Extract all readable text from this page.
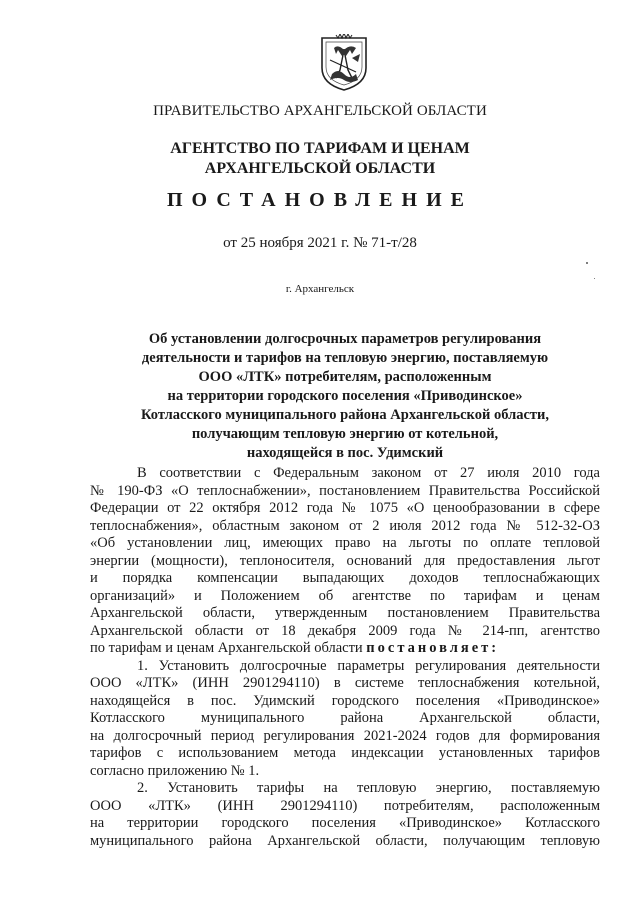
ПРАВИТЕЛЬСТВО АРХАНГЕЛЬСКОЙ ОБЛАСТИ
АГЕНТСТВО ПО ТАРИФАМ И ЦЕНАМ
АРХАНГЕЛЬСКОЙ ОБЛАСТИ
ПОСТАНОВЛЕНИЕ
от 25 ноября 2021 г. № 71-т/28
г. Архангельск
Об установлении долгосрочных параметров регулирования
деятельности и тарифов на тепловую энергию, поставляемую
ООО «ЛТК» потребителям, расположенным
на территории городского поселения «Приводинское»
Котласского муниципального района Архангельской области,
получающим тепловую энергию от котельной,
находящейся в пос. Удимский
В соответствии с Федеральным законом от 27 июля 2010 года
№ 190-ФЗ «О теплоснабжении», постановлением Правительства Российской
Федерации от 22 октября 2012 года № 1075 «О ценообразовании в сфере
теплоснабжения», областным законом от 2 июля 2012 года № 512-32-ОЗ
«Об установлении лиц, имеющих право на льготы по оплате тепловой
энергии (мощности), теплоносителя, оснований для предоставления льгот
и порядка компенсации выпадающих доходов теплоснабжающих
организаций» и Положением об агентстве по тарифам и ценам
Архангельской области, утвержденным постановлением Правительства
Архангельской области от 18 декабря 2009 года № 214-пп, агентство
по тарифам и ценам Архангельской области постановляет:
1. Установить долгосрочные параметры регулирования деятельности
ООО «ЛТК» (ИНН 2901294110) в системе теплоснабжения котельной,
находящейся в пос. Удимский городского поселения «Приводинское»
Котласского муниципального района Архангельской области,
на долгосрочный период регулирования 2021-2024 годов для формирования
тарифов с использованием метода индексации установленных тарифов
согласно приложению № 1.
2. Установить тарифы на тепловую энергию, поставляемую
ООО «ЛТК» (ИНН 2901294110) потребителям, расположенным
на территории городского поселения «Приводинское» Котласского
муниципального района Архангельской области, получающим тепловую
